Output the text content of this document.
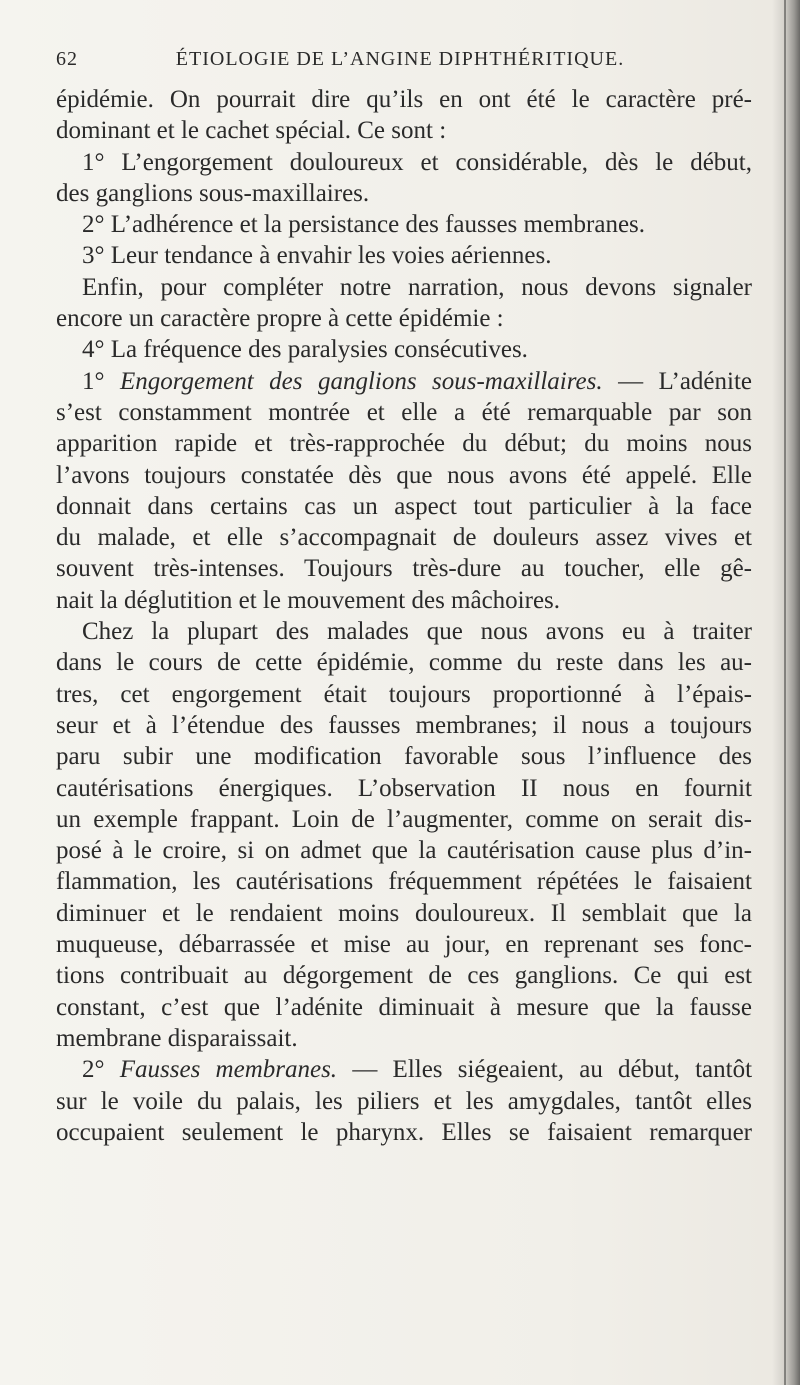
62	ÉTIOLOGIE DE L’ANGINE DIPHTHÉRITIQUE.
épidémie. On pourrait dire qu’ils en ont été le caractère pré-
dominant et le cachet spécial. Ce sont :
1° L’engorgement douloureux et considérable, dès le début,
des ganglions sous-maxillaires.
2° L’adhérence et la persistance des fausses membranes.
3° Leur tendance à envahir les voies aériennes.
Enfin, pour compléter notre narration, nous devons signaler
encore un caractère propre à cette épidémie :
4° La fréquence des paralysies consécutives.
1° Engorgement des ganglions sous-maxillaires. — L’adénite
s’est constamment montrée et elle a été remarquable par son
apparition rapide et très-rapprochée du début; du moins nous
l’avons toujours constatée dès que nous avons été appelé. Elle
donnait dans certains cas un aspect tout particulier à la face
du malade, et elle s’accompagnait de douleurs assez vives et
souvent très-intenses. Toujours très-dure au toucher, elle gê-
nait la déglutition et le mouvement des mâchoires.
Chez la plupart des malades que nous avons eu à traiter
dans le cours de cette épidémie, comme du reste dans les au-
tres, cet engorgement était toujours proportionné à l’épais-
seur et à l’étendue des fausses membranes; il nous a toujours
paru subir une modification favorable sous l’influence des
cautérisations énergiques. L’observation II nous en fournit
un exemple frappant. Loin de l’augmenter, comme on serait dis-
posé à le croire, si on admet que la cautérisation cause plus d’in-
flammation, les cautérisations fréquemment répétées le faisaient
diminuer et le rendaient moins douloureux. Il semblait que la
muqueuse, débarrassée et mise au jour, en reprenant ses fonc-
tions contribuait au dégorgement de ces ganglions. Ce qui est
constant, c’est que l’adénite diminuait à mesure que la fausse
membrane disparaissait.
2° Fausses membranes. — Elles siégeaient, au début, tantôt
sur le voile du palais, les piliers et les amygdales, tantôt elles
occupaient seulement le pharynx. Elles se faisaient remarquer
